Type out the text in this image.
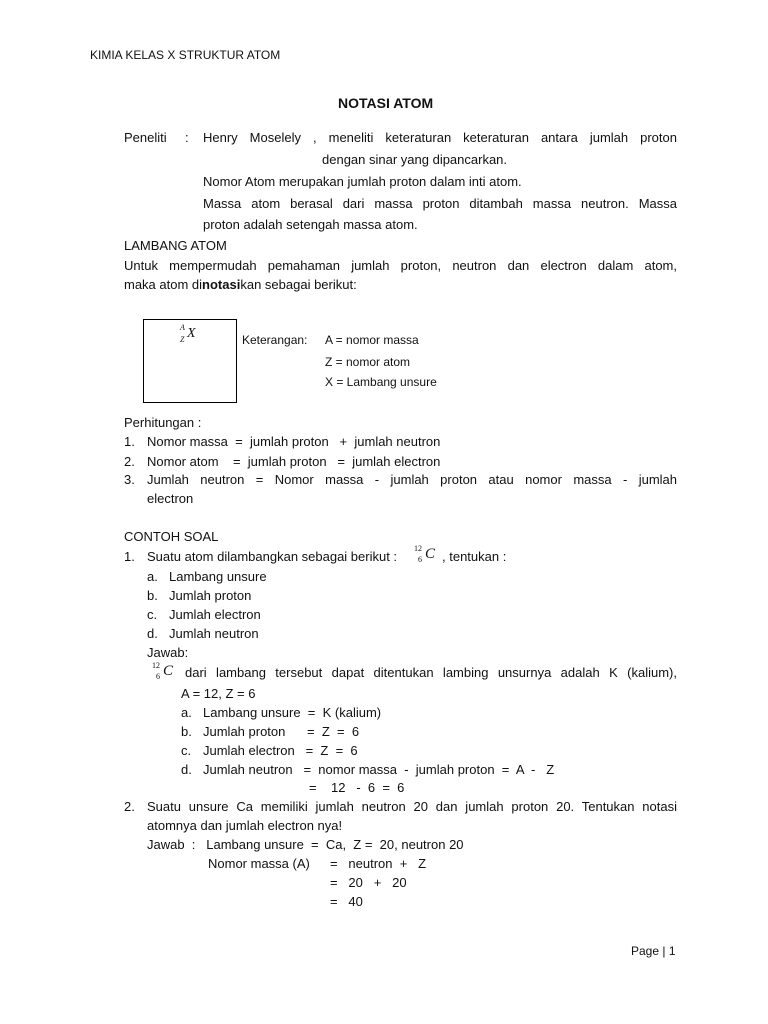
KIMIA KELAS X STRUKTUR ATOM
NOTASI ATOM
Peneliti : Henry Moselely , meneliti keteraturan keteraturan antara jumlah proton
dengan sinar yang dipancarkan.
Nomor Atom merupakan jumlah proton dalam inti atom.
Massa atom berasal dari massa proton ditambah massa neutron. Massa
proton adalah setengah massa atom.
LAMBANG ATOM
Untuk mempermudah pemahaman jumlah proton, neutron dan electron dalam atom,
maka atom dinotasikan sebagai berikut:
A
Z X	Keterangan: A = nomor massa
Z = nomor atom
X = Lambang unsure
Perhitungan :
1. Nomor massa  =  jumlah proton   +  jumlah neutron
2. Nomor atom    =  jumlah proton   =  jumlah electron
3. Jumlah neutron = Nomor massa - jumlah proton atau nomor massa - jumlah
electron
CONTOH SOAL
1. Suatu atom dilambangkan sebagai berikut :
12
6 C , tentukan :
a. Lambang unsure
b. Jumlah proton
c. Jumlah electron
d. Jumlah neutron
Jawab:
12
6 C dari lambang tersebut dapat ditentukan lambing unsurnya adalah K (kalium),
A = 12, Z = 6
a. Lambang unsure  =  K (kalium)
b. Jumlah proton      =  Z  =  6
c. Jumlah electron   =  Z  =  6
d. Jumlah neutron   =  nomor massa  -  jumlah proton  =  A  -   Z
=    12   -  6  =  6
2. Suatu unsure Ca memiliki jumlah neutron 20 dan jumlah proton 20. Tentukan notasi
atomnya dan jumlah electron nya!
Jawab  :   Lambang unsure  =  Ca,  Z =  20, neutron 20
Nomor massa (A) =   neutron  +   Z
=   20   +   20
=   40
Page | 1
